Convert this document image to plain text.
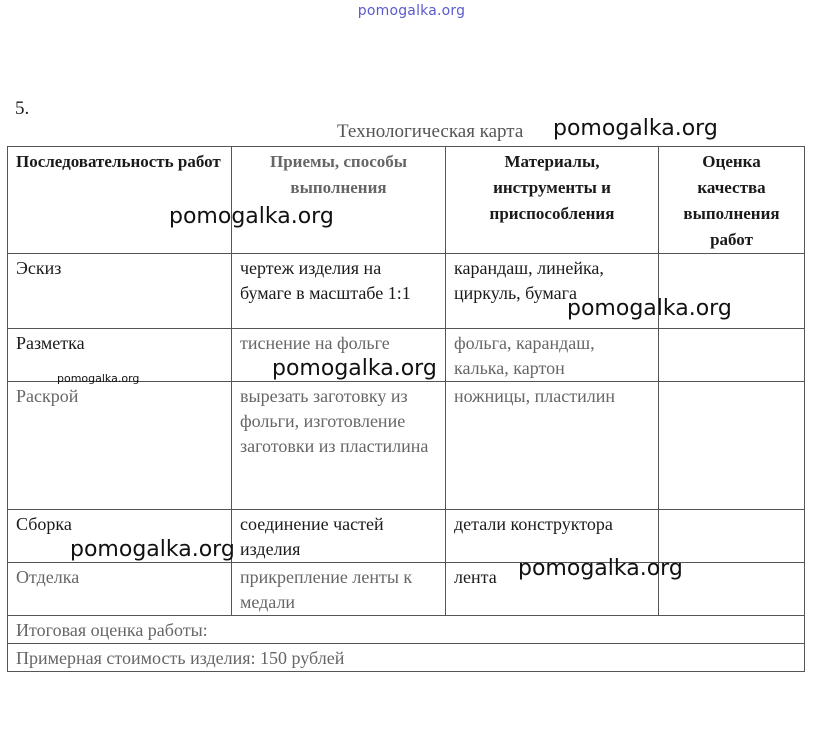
pomogalka.org
5.
Технологическая карта pomogalka.org
pomogalka.org
pomogalka.org
pomogalka.org
pomogalka.org
pomogalka.org
pomogalka.org
Последовательность работ	Приемы, способы выполнения	Материалы, инструменты и приспособления	Оценка качества выполнения работ
Эскиз	чертеж изделия на бумаге в масштабе 1:1	карандаш, линейка, циркуль, бумага	
Разметка	тиснение на фольге	фольга, карандаш, калька, картон	
Раскрой	вырезать заготовку из фольги, изготовление заготовки из пластилина	ножницы, пластилин	
Сборка	соединение частей изделия	детали конструктора	
Отделка	прикрепление ленты к медали	лента	
Итоговая оценка работы:			
Примерная стоимость изделия: 150 рублей			
